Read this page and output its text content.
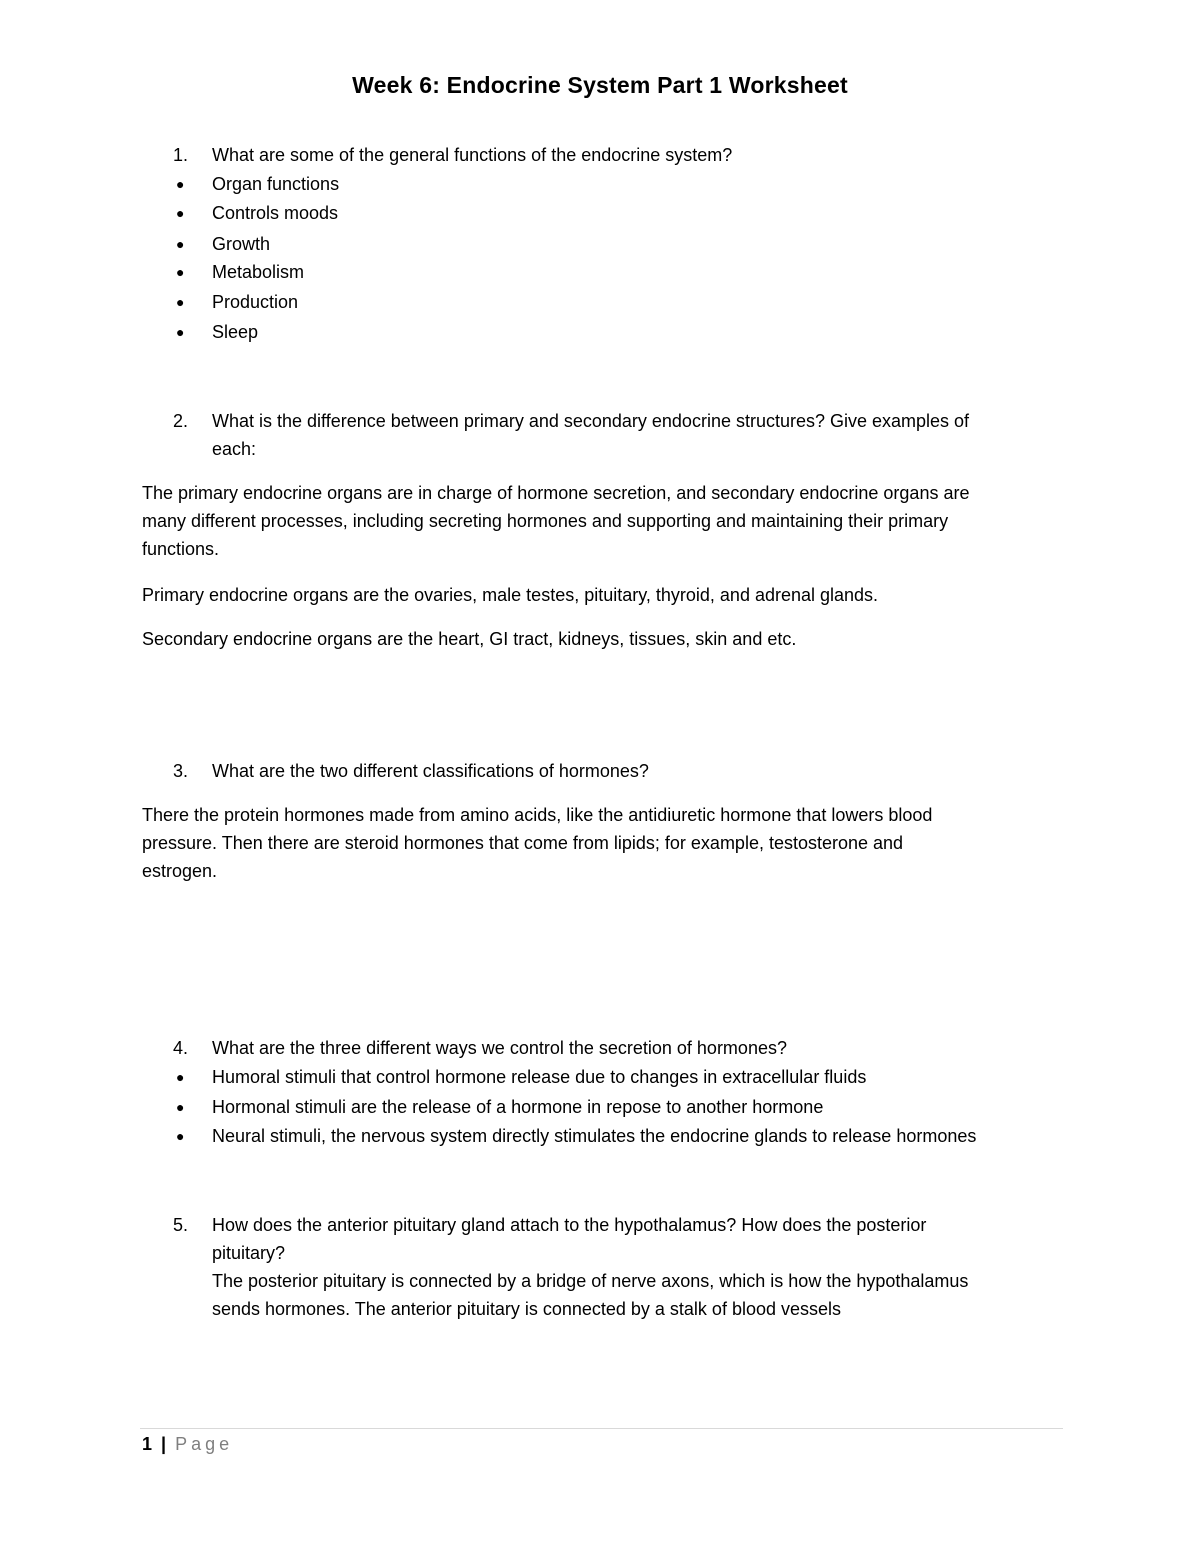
Week 6: Endocrine System Part 1 Worksheet
1.	What are some of the general functions of the endocrine system?
● Organ functions
● Controls moods
● Growth
● Metabolism
● Production
● Sleep
2.	What is the difference between primary and secondary endocrine structures? Give examples of
each:
The primary endocrine organs are in charge of hormone secretion, and secondary endocrine organs are
many different processes, including secreting hormones and supporting and maintaining their primary
functions.
Primary endocrine organs are the ovaries, male testes, pituitary, thyroid, and adrenal glands.
Secondary endocrine organs are the heart, GI tract, kidneys, tissues, skin and etc.
3.	What are the two different classifications of hormones?
There the protein hormones made from amino acids, like the antidiuretic hormone that lowers blood
pressure. Then there are steroid hormones that come from lipids; for example, testosterone and
estrogen.
4.	What are the three different ways we control the secretion of hormones?
● Humoral stimuli that control hormone release due to changes in extracellular fluids
● Hormonal stimuli are the release of a hormone in repose to another hormone
● Neural stimuli, the nervous system directly stimulates the endocrine glands to release hormones
5.	How does the anterior pituitary gland attach to the hypothalamus? How does the posterior
pituitary?
The posterior pituitary is connected by a bridge of nerve axons, which is how the hypothalamus
sends hormones. The anterior pituitary is connected by a stalk of blood vessels
1 | Page
